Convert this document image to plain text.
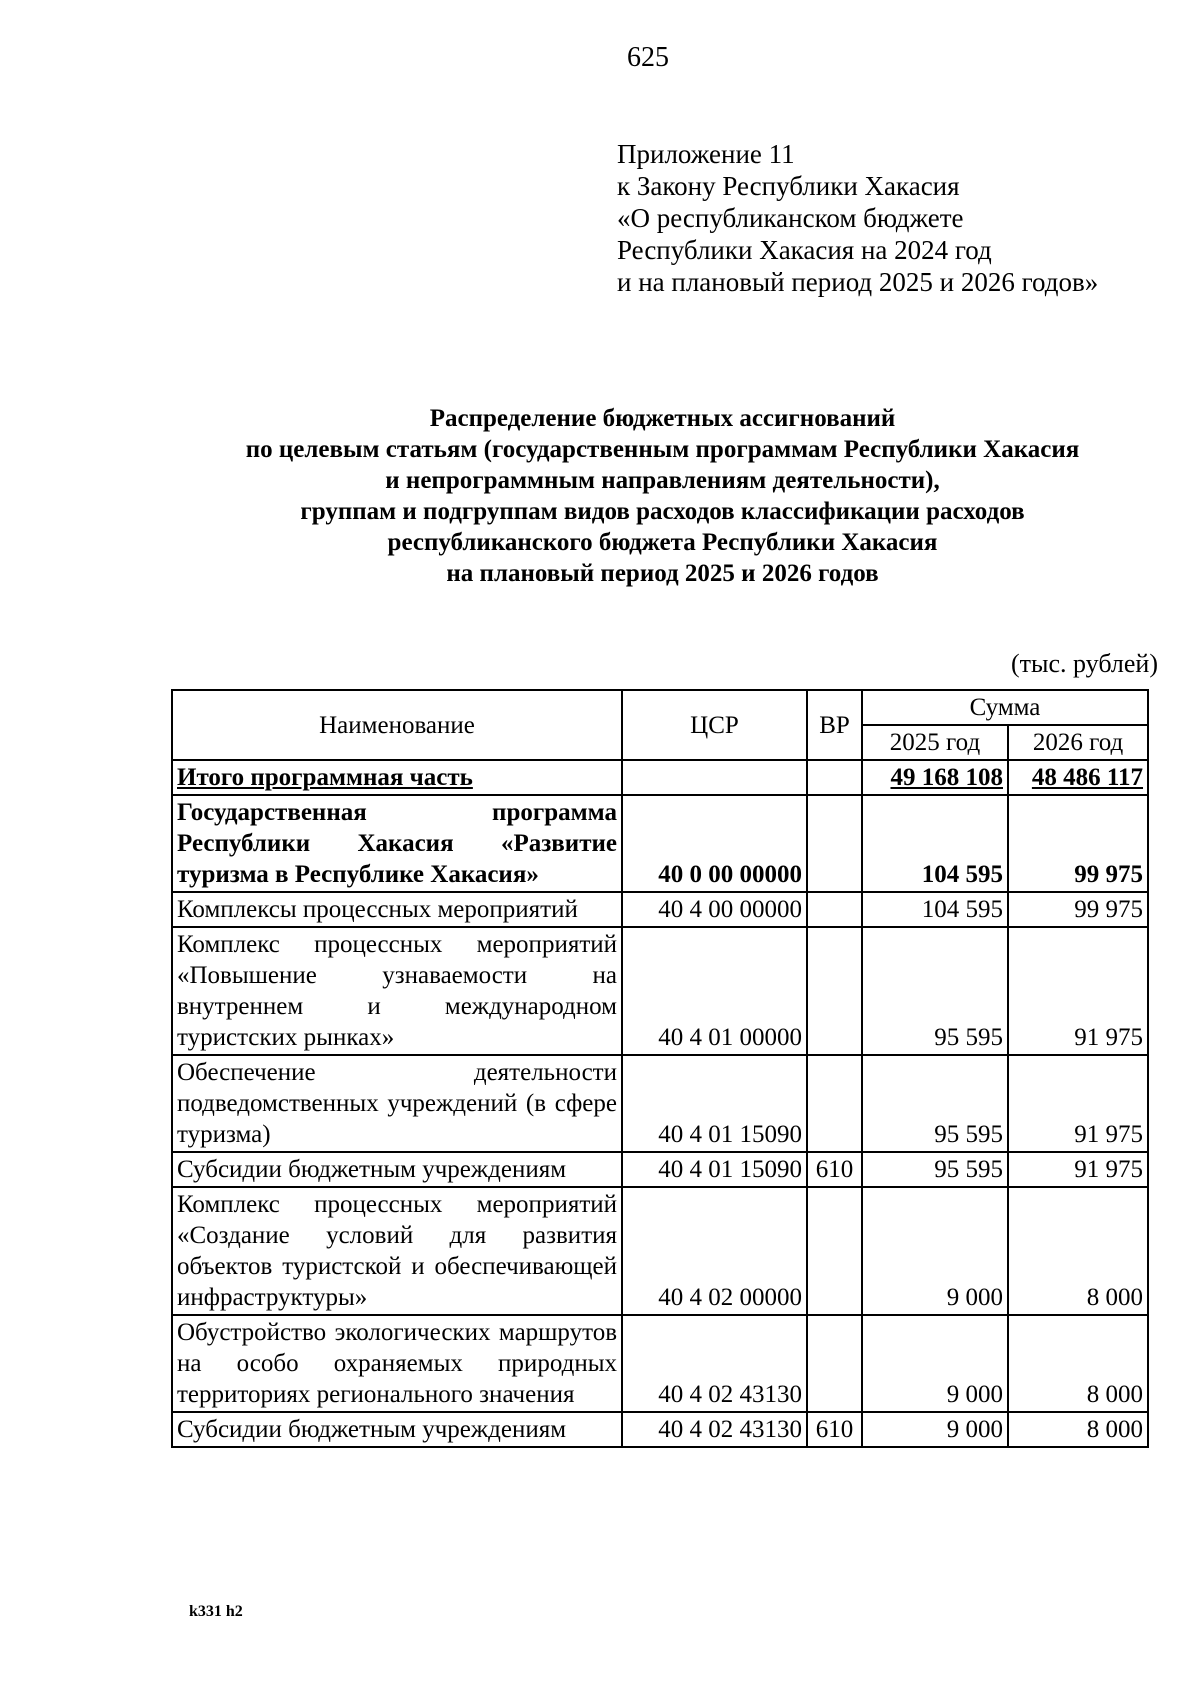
625
Приложение 11
к Закону Республики Хакасия
«О республиканском бюджете
Республики Хакасия на 2024 год
и на плановый период 2025 и 2026 годов»
Распределение бюджетных ассигнований
по целевым статьям (государственным программам Республики Хакасия
и непрограммным направлениям деятельности),
группам и подгруппам видов расходов классификации расходов
республиканского бюджета Республики Хакасия
на плановый период 2025 и 2026 годов
(тыс. рублей)
Наименование	ЦСР	ВР	Сумма	
			2025 год	2026 год
Итого программная часть			49 168 108	48 486 117
Государственная программа Республики Хакасия «Развитие туризма в Республике Хакасия»	40 0 00 00000		104 595	99 975
Комплексы процессных мероприятий	40 4 00 00000		104 595	99 975
Комплекс процессных мероприятий «Повышение узнаваемости на внутреннем и международном туристских рынках»	40 4 01 00000		95 595	91 975
Обеспечение деятельности подведомственных учреждений (в сфере туризма)	40 4 01 15090		95 595	91 975
Субсидии бюджетным учреждениям	40 4 01 15090	610	95 595	91 975
Комплекс процессных мероприятий «Создание условий для развития объектов туристской и обеспечивающей инфраструктуры»	40 4 02 00000		9 000	8 000
Обустройство экологических маршрутов на особо охраняемых природных территориях регионального значения	40 4 02 43130		9 000	8 000
Субсидии бюджетным учреждениям	40 4 02 43130	610	9 000	8 000
k331 h2
